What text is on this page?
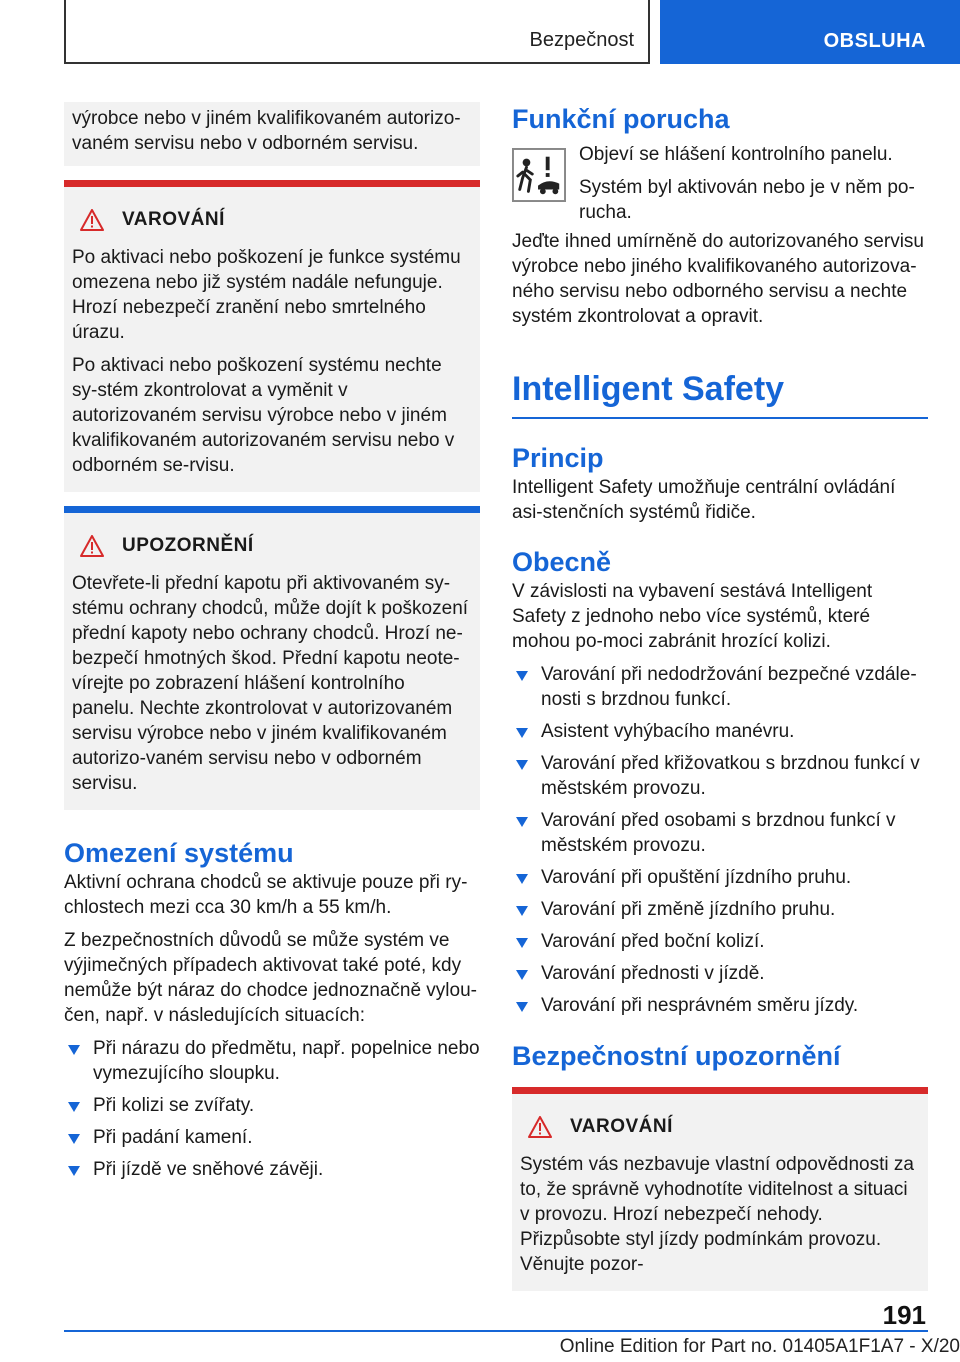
Bezpečnost	OBSLUHA

výrobce nebo v jiném kvalifikovaném autorizo-vaném servisu nebo v odborném servisu.

VAROVÁNÍ

Po aktivaci nebo poškození je funkce systému omezena nebo již systém nadále nefunguje. Hrozí nebezpečí zranění nebo smrtelného úrazu.

Po aktivaci nebo poškození systému nechte sy-stém zkontrolovat a vyměnit v autorizovaném servisu výrobce nebo v jiném kvalifikovaném autorizovaném servisu nebo v odborném se-rvisu.

UPOZORNĚNÍ

Otevřete-li přední kapotu při aktivovaném sy-stému ochrany chodců, může dojít k poškození přední kapoty nebo ochrany chodců. Hrozí ne-bezpečí hmotných škod. Přední kapotu neote-vírejte po zobrazení hlášení kontrolního panelu. Nechte zkontrolovat v autorizovaném servisu výrobce nebo v jiném kvalifikovaném autorizo-vaném servisu nebo v odborném servisu.

Omezení systému

Aktivní ochrana chodců se aktivuje pouze při ry-chlostech mezi cca 30 km/h a 55 km/h.

Z bezpečnostních důvodů se může systém ve výjimečných případech aktivovat také poté, kdy nemůže být náraz do chodce jednoznačně vylou-čen, např. v následujících situacích:

Při nárazu do předmětu, např. popelnice nebo vymezujícího sloupku.
Při kolizi se zvířaty.
Při padání kamení.
Při jízdě ve sněhové závěji.
Funkční porucha

Objeví se hlášení kontrolního panelu.

Systém byl aktivován nebo je v něm po-rucha.

Jeďte ihned umírněně do autorizovaného servisu výrobce nebo jiného kvalifikovaného autorizova-ného servisu nebo odborného servisu a nechte systém zkontrolovat a opravit.

Intelligent Safety
Princip

Intelligent Safety umožňuje centrální ovládání asi-stenčních systémů řidiče.

Obecně

V závislosti na vybavení sestává Intelligent Safety z jednoho nebo více systémů, které mohou po-moci zabránit hrozící kolizi.

Varování při nedodržování bezpečné vzdále-nosti s brzdnou funkcí.
Asistent vyhýbacího manévru.
Varování před křižovatkou s brzdnou funkcí v městském provozu.
Varování před osobami s brzdnou funkcí v městském provozu.
Varování při opuštění jízdního pruhu.
Varování při změně jízdního pruhu.
Varování před boční kolizí.
Varování přednosti v jízdě.
Varování při nesprávném směru jízdy.
Bezpečnostní upozornění
VAROVÁNÍ

Systém vás nezbavuje vlastní odpovědnosti za to, že správně vyhodnotíte viditelnost a situaci v provozu. Hrozí nebezpečí nehody. Přizpůsobte styl jízdy podmínkám provozu. Věnujte pozor-

191
Online Edition for Part no. 01405A1F1A7 - X/20
